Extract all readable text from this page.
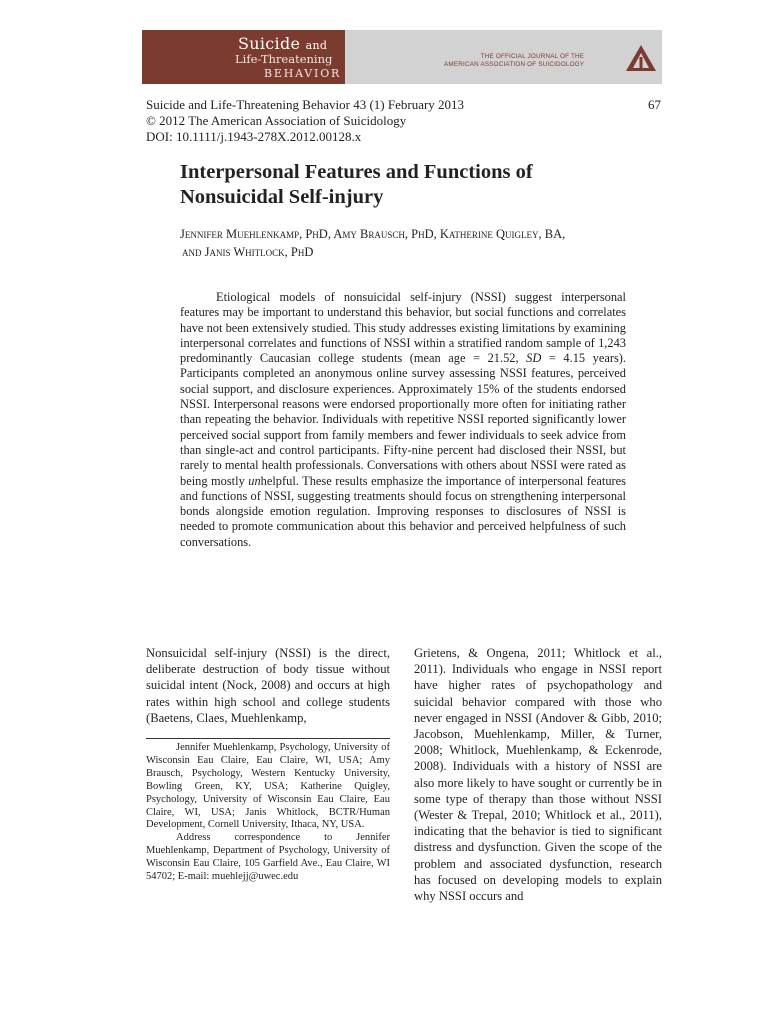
Suicide and
Life-Threatening
BEHAVIOR
THE OFFICIAL JOURNAL OF THE
AMERICAN ASSOCIATION OF SUICIDOLOGY
Suicide and Life-Threatening Behavior 43 (1) February 2013
© 2012 The American Association of Suicidology
DOI: 10.1111/j.1943-278X.2012.00128.x
67
Interpersonal Features and Functions of Nonsuicidal Self-injury
Jennifer Muehlenkamp, PhD, Amy Brausch, PhD, Katherine Quigley, BA,
and Janis Whitlock, PhD

Etiological models of nonsuicidal self-injury (NSSI) suggest interpersonal features may be important to understand this behavior, but social functions and correlates have not been extensively studied. This study addresses existing limitations by examining interpersonal correlates and functions of NSSI within a stratified random sample of 1,243 predominantly Caucasian college students (mean age = 21.52, SD = 4.15 years). Participants completed an anonymous online survey assessing NSSI features, perceived social support, and disclosure experiences. Approximately 15% of the students endorsed NSSI. Interpersonal reasons were endorsed proportionally more often for initiating rather than repeating the behavior. Individuals with repetitive NSSI reported significantly lower perceived social support from family members and fewer individuals to seek advice from than single-act and control participants. Fifty-nine percent had disclosed their NSSI, but rarely to mental health professionals. Conversations with others about NSSI were rated as being mostly unhelpful. These results emphasize the importance of interpersonal features and functions of NSSI, suggesting treatments should focus on strengthening interpersonal bonds alongside emotion regulation. Improving responses to disclosures of NSSI is needed to promote communication about this behavior and perceived helpfulness of such conversations.

Nonsuicidal self-injury (NSSI) is the direct, deliberate destruction of body tissue without suicidal intent (Nock, 2008) and occurs at high rates within high school and college students (Baetens, Claes, Muehlenkamp,

Jennifer Muehlenkamp, Psychology, University of Wisconsin Eau Claire, Eau Claire, WI, USA; Amy Brausch, Psychology, Western Kentucky University, Bowling Green, KY, USA; Katherine Quigley, Psychology, University of Wisconsin Eau Claire, Eau Claire, WI, USA; Janis Whitlock, BCTR/Human Development, Cornell University, Ithaca, NY, USA.

Address correspondence to Jennifer Muehlenkamp, Department of Psychology, University of Wisconsin Eau Claire, 105 Garfield Ave., Eau Claire, WI 54702; E-mail: muehlejj@uwec.edu

Grietens, & Ongena, 2011; Whitlock et al., 2011). Individuals who engage in NSSI report have higher rates of psychopathology and suicidal behavior compared with those who never engaged in NSSI (Andover & Gibb, 2010; Jacobson, Muehlenkamp, Miller, & Turner, 2008; Whitlock, Muehlenkamp, & Eckenrode, 2008). Individuals with a history of NSSI are also more likely to have sought or currently be in some type of therapy than those without NSSI (Wester & Trepal, 2010; Whitlock et al., 2011), indicating that the behavior is tied to significant distress and dysfunction. Given the scope of the problem and associated dysfunction, research has focused on developing models to explain why NSSI occurs and
